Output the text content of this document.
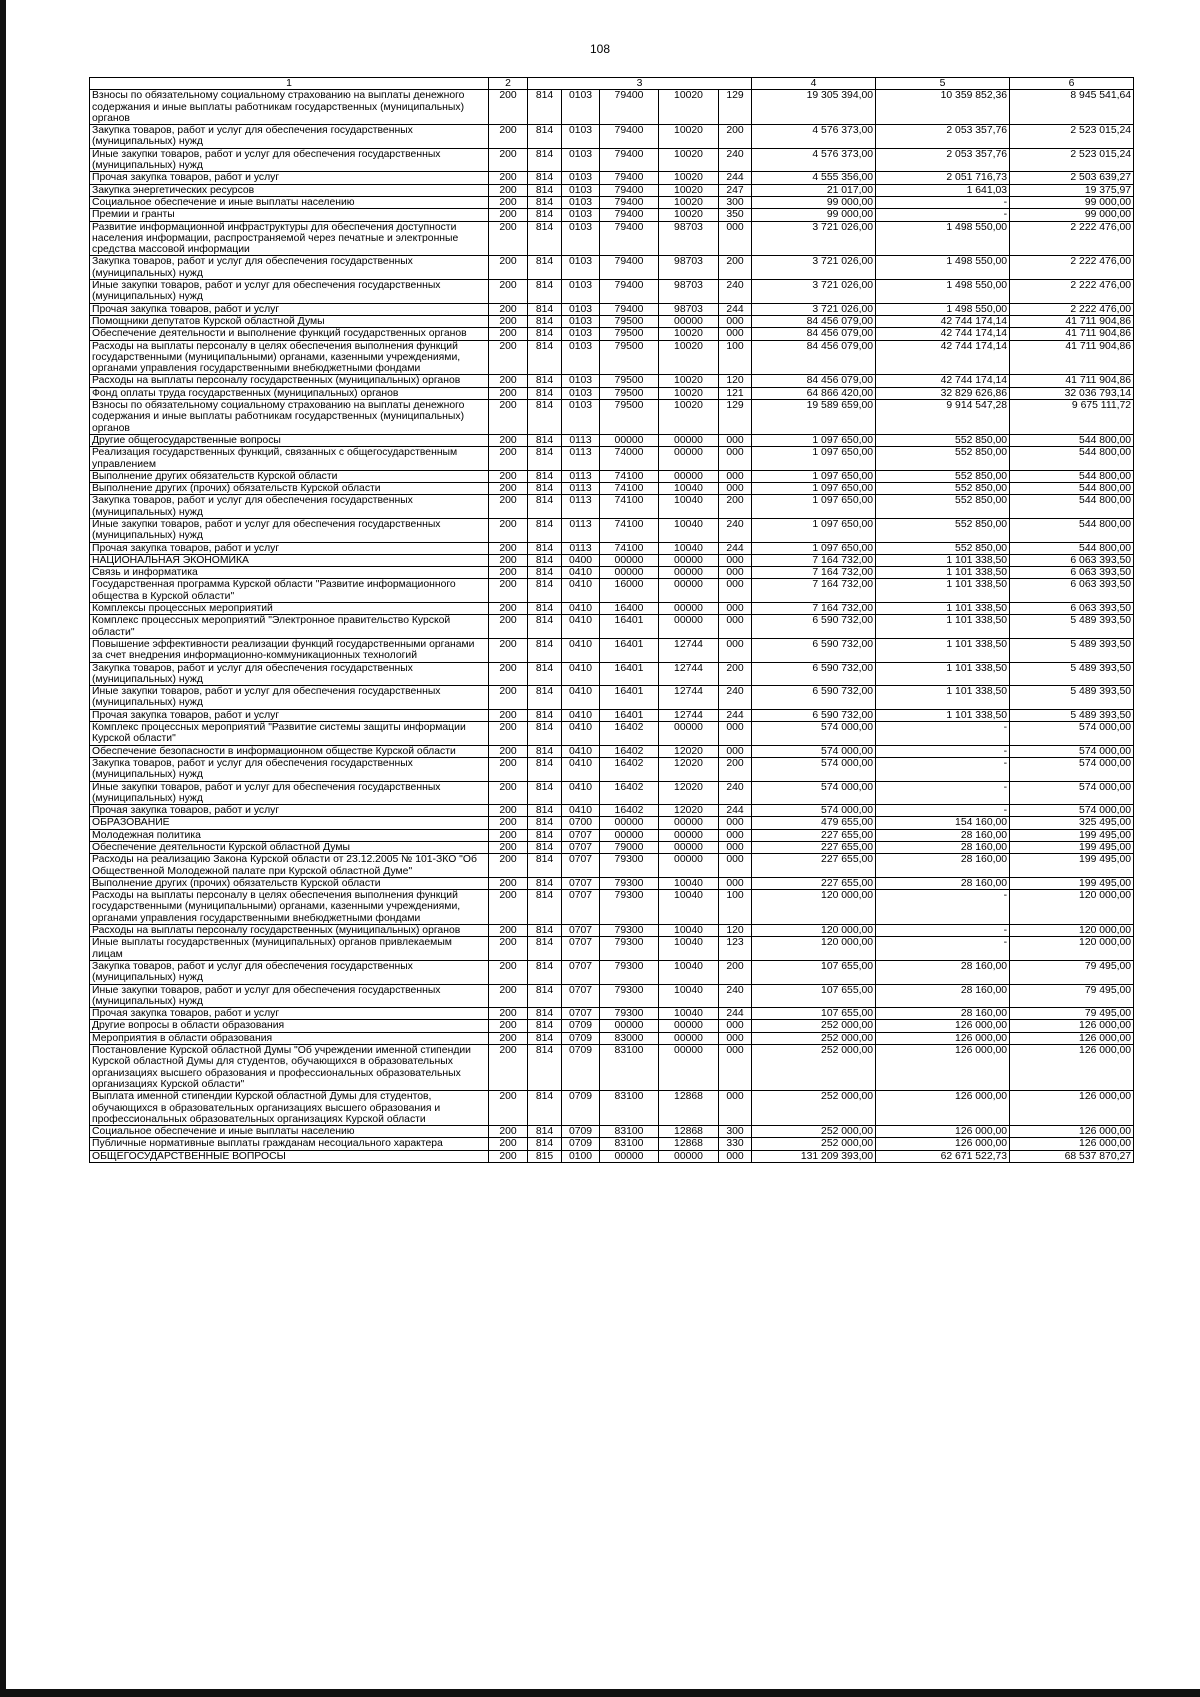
108
1	2	3					4	5	6
Взносы по обязательному социальному страхованию на выплаты денежного содержания и иные выплаты работникам государственных (муниципальных) органов	200	814	0103	79400	10020	129	19 305 394,00	10 359 852,36	8 945 541,64
Закупка товаров, работ и услуг для обеспечения государственных (муниципальных) нужд	200	814	0103	79400	10020	200	4 576 373,00	2 053 357,76	2 523 015,24
Иные закупки товаров, работ и услуг для обеспечения государственных (муниципальных) нужд	200	814	0103	79400	10020	240	4 576 373,00	2 053 357,76	2 523 015,24
Прочая закупка товаров, работ и услуг	200	814	0103	79400	10020	244	4 555 356,00	2 051 716,73	2 503 639,27
Закупка энергетических ресурсов	200	814	0103	79400	10020	247	21 017,00	1 641,03	19 375,97
Социальное обеспечение и иные выплаты населению	200	814	0103	79400	10020	300	99 000,00	-	99 000,00
Премии и гранты	200	814	0103	79400	10020	350	99 000,00	-	99 000,00
Развитие информационной инфраструктуры для обеспечения доступности населения информации, распространяемой через печатные и электронные средства массовой информации	200	814	0103	79400	98703	000	3 721 026,00	1 498 550,00	2 222 476,00
Закупка товаров, работ и услуг для обеспечения государственных (муниципальных) нужд	200	814	0103	79400	98703	200	3 721 026,00	1 498 550,00	2 222 476,00
Иные закупки товаров, работ и услуг для обеспечения государственных (муниципальных) нужд	200	814	0103	79400	98703	240	3 721 026,00	1 498 550,00	2 222 476,00
Прочая закупка товаров, работ и услуг	200	814	0103	79400	98703	244	3 721 026,00	1 498 550,00	2 222 476,00
Помощники депутатов Курской областной Думы	200	814	0103	79500	00000	000	84 456 079,00	42 744 174,14	41 711 904,86
Обеспечение деятельности и выполнение функций государственных органов	200	814	0103	79500	10020	000	84 456 079,00	42 744 174,14	41 711 904,86
Расходы на выплаты персоналу в целях обеспечения выполнения функций государственными (муниципальными) органами, казенными учреждениями, органами управления государственными внебюджетными фондами	200	814	0103	79500	10020	100	84 456 079,00	42 744 174,14	41 711 904,86
Расходы на выплаты персоналу государственных (муниципальных) органов	200	814	0103	79500	10020	120	84 456 079,00	42 744 174,14	41 711 904,86
Фонд оплаты труда государственных (муниципальных) органов	200	814	0103	79500	10020	121	64 866 420,00	32 829 626,86	32 036 793,14
Взносы по обязательному социальному страхованию на выплаты денежного содержания и иные выплаты работникам государственных (муниципальных) органов	200	814	0103	79500	10020	129	19 589 659,00	9 914 547,28	9 675 111,72
Другие общегосударственные вопросы	200	814	0113	00000	00000	000	1 097 650,00	552 850,00	544 800,00
Реализация государственных функций, связанных с общегосударственным управлением	200	814	0113	74000	00000	000	1 097 650,00	552 850,00	544 800,00
Выполнение других обязательств Курской области	200	814	0113	74100	00000	000	1 097 650,00	552 850,00	544 800,00
Выполнение других (прочих) обязательств Курской области	200	814	0113	74100	10040	000	1 097 650,00	552 850,00	544 800,00
Закупка товаров, работ и услуг для обеспечения государственных (муниципальных) нужд	200	814	0113	74100	10040	200	1 097 650,00	552 850,00	544 800,00
Иные закупки товаров, работ и услуг для обеспечения государственных (муниципальных) нужд	200	814	0113	74100	10040	240	1 097 650,00	552 850,00	544 800,00
Прочая закупка товаров, работ и услуг	200	814	0113	74100	10040	244	1 097 650,00	552 850,00	544 800,00
НАЦИОНАЛЬНАЯ ЭКОНОМИКА	200	814	0400	00000	00000	000	7 164 732,00	1 101 338,50	6 063 393,50
Связь и информатика	200	814	0410	00000	00000	000	7 164 732,00	1 101 338,50	6 063 393,50
Государственная программа Курской области "Развитие информационного общества в Курской области"	200	814	0410	16000	00000	000	7 164 732,00	1 101 338,50	6 063 393,50
Комплексы процессных мероприятий	200	814	0410	16400	00000	000	7 164 732,00	1 101 338,50	6 063 393,50
Комплекс процессных мероприятий "Электронное правительство Курской области"	200	814	0410	16401	00000	000	6 590 732,00	1 101 338,50	5 489 393,50
Повышение эффективности реализации функций государственными органами за счет внедрения информационно-коммуникационных технологий	200	814	0410	16401	12744	000	6 590 732,00	1 101 338,50	5 489 393,50
Закупка товаров, работ и услуг для обеспечения государственных (муниципальных) нужд	200	814	0410	16401	12744	200	6 590 732,00	1 101 338,50	5 489 393,50
Иные закупки товаров, работ и услуг для обеспечения государственных (муниципальных) нужд	200	814	0410	16401	12744	240	6 590 732,00	1 101 338,50	5 489 393,50
Прочая закупка товаров, работ и услуг	200	814	0410	16401	12744	244	6 590 732,00	1 101 338,50	5 489 393,50
Комплекс процессных мероприятий "Развитие системы защиты информации Курской области"	200	814	0410	16402	00000	000	574 000,00	-	574 000,00
Обеспечение безопасности в информационном обществе Курской области	200	814	0410	16402	12020	000	574 000,00	-	574 000,00
Закупка товаров, работ и услуг для обеспечения государственных (муниципальных) нужд	200	814	0410	16402	12020	200	574 000,00	-	574 000,00
Иные закупки товаров, работ и услуг для обеспечения государственных (муниципальных) нужд	200	814	0410	16402	12020	240	574 000,00	-	574 000,00
Прочая закупка товаров, работ и услуг	200	814	0410	16402	12020	244	574 000,00	-	574 000,00
ОБРАЗОВАНИЕ	200	814	0700	00000	00000	000	479 655,00	154 160,00	325 495,00
Молодежная политика	200	814	0707	00000	00000	000	227 655,00	28 160,00	199 495,00
Обеспечение деятельности Курской областной Думы	200	814	0707	79000	00000	000	227 655,00	28 160,00	199 495,00
Расходы на реализацию Закона Курской области от 23.12.2005 № 101-ЗКО "Об Общественной Молодежной палате при Курской областной Думе"	200	814	0707	79300	00000	000	227 655,00	28 160,00	199 495,00
Выполнение других (прочих) обязательств Курской области	200	814	0707	79300	10040	000	227 655,00	28 160,00	199 495,00
Расходы на выплаты персоналу в целях обеспечения выполнения функций государственными (муниципальными) органами, казенными учреждениями, органами управления государственными внебюджетными фондами	200	814	0707	79300	10040	100	120 000,00	-	120 000,00
Расходы на выплаты персоналу государственных (муниципальных) органов	200	814	0707	79300	10040	120	120 000,00	-	120 000,00
Иные выплаты государственных (муниципальных) органов привлекаемым лицам	200	814	0707	79300	10040	123	120 000,00	-	120 000,00
Закупка товаров, работ и услуг для обеспечения государственных (муниципальных) нужд	200	814	0707	79300	10040	200	107 655,00	28 160,00	79 495,00
Иные закупки товаров, работ и услуг для обеспечения государственных (муниципальных) нужд	200	814	0707	79300	10040	240	107 655,00	28 160,00	79 495,00
Прочая закупка товаров, работ и услуг	200	814	0707	79300	10040	244	107 655,00	28 160,00	79 495,00
Другие вопросы в области образования	200	814	0709	00000	00000	000	252 000,00	126 000,00	126 000,00
Мероприятия в области образования	200	814	0709	83000	00000	000	252 000,00	126 000,00	126 000,00
Постановление Курской областной Думы "Об учреждении именной стипендии Курской областной Думы для студентов, обучающихся в образовательных организациях высшего образования и профессиональных образовательных организациях Курской области"	200	814	0709	83100	00000	000	252 000,00	126 000,00	126 000,00
Выплата именной стипендии Курской областной Думы для студентов, обучающихся в образовательных организациях высшего образования и профессиональных образовательных организациях Курской области	200	814	0709	83100	12868	000	252 000,00	126 000,00	126 000,00
Социальное обеспечение и иные выплаты населению	200	814	0709	83100	12868	300	252 000,00	126 000,00	126 000,00
Публичные нормативные выплаты гражданам несоциального характера	200	814	0709	83100	12868	330	252 000,00	126 000,00	126 000,00
ОБЩЕГОСУДАРСТВЕННЫЕ ВОПРОСЫ	200	815	0100	00000	00000	000	131 209 393,00	62 671 522,73	68 537 870,27
